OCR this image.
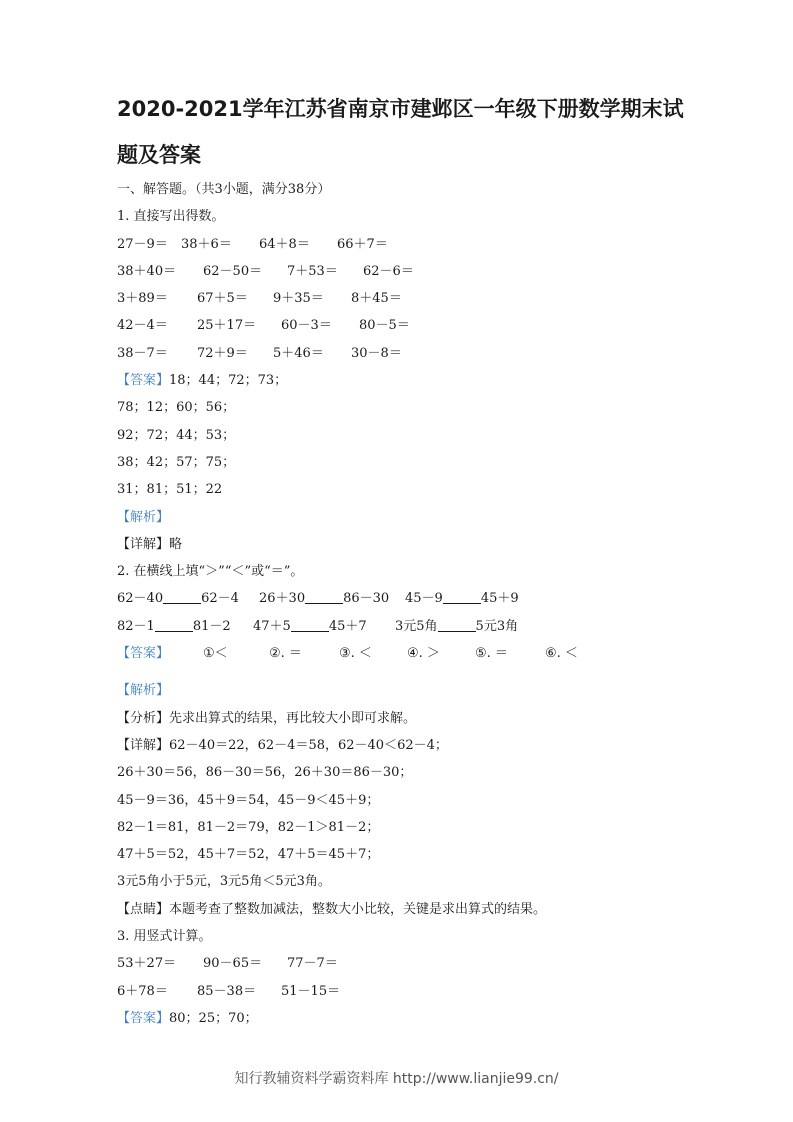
2020-2021学年江苏省南京市建邺区一年级下册数学期末试
题及答案
一、解答题。（共3小题，满分38分）
1. 直接写出得数。
27－9＝ 38＋6＝ 64＋8＝ 66＋7＝
38＋40＝ 62－50＝ 7＋53＝ 62－6＝
3＋89＝ 67＋5＝ 9＋35＝ 8＋45＝
42－4＝ 25＋17＝ 60－3＝ 80－5＝
38－7＝ 72＋9＝ 5＋46＝ 30－8＝
【答案】18；44；72；73；
78；12；60；56；
92；72；44；53；
38；42；57；75；
31；81；51；22
【解析】
【详解】略
2. 在横线上填“＞”“＜”或“＝”。
62－40	62－4 26＋30	86－30 45－9	45＋9
82－1	81－2 47＋5	45＋7 3元5角	5元3角
【答案】	①＜	②. ＝	③. ＜	④. ＞	⑤. ＝	⑥. ＜
【解析】
【分析】先求出算式的结果，再比较大小即可求解。
【详解】62－40＝22，62－4＝58，62－40＜62－4；
26＋30＝56，86－30＝56，26＋30＝86－30；
45－9＝36，45＋9＝54，45－9＜45＋9；
82－1＝81，81－2＝79，82－1＞81－2；
47＋5＝52，45＋7＝52，47＋5＝45＋7；
3元5角小于5元，3元5角＜5元3角。
【点睛】本题考查了整数加减法，整数大小比较，关键是求出算式的结果。
3. 用竖式计算。
53＋27＝ 90－65＝ 77－7＝
6＋78＝ 85－38＝ 51－15＝
【答案】80；25；70；
知行教辅资料学霸资料库 http://www.lianjie99.cn/
